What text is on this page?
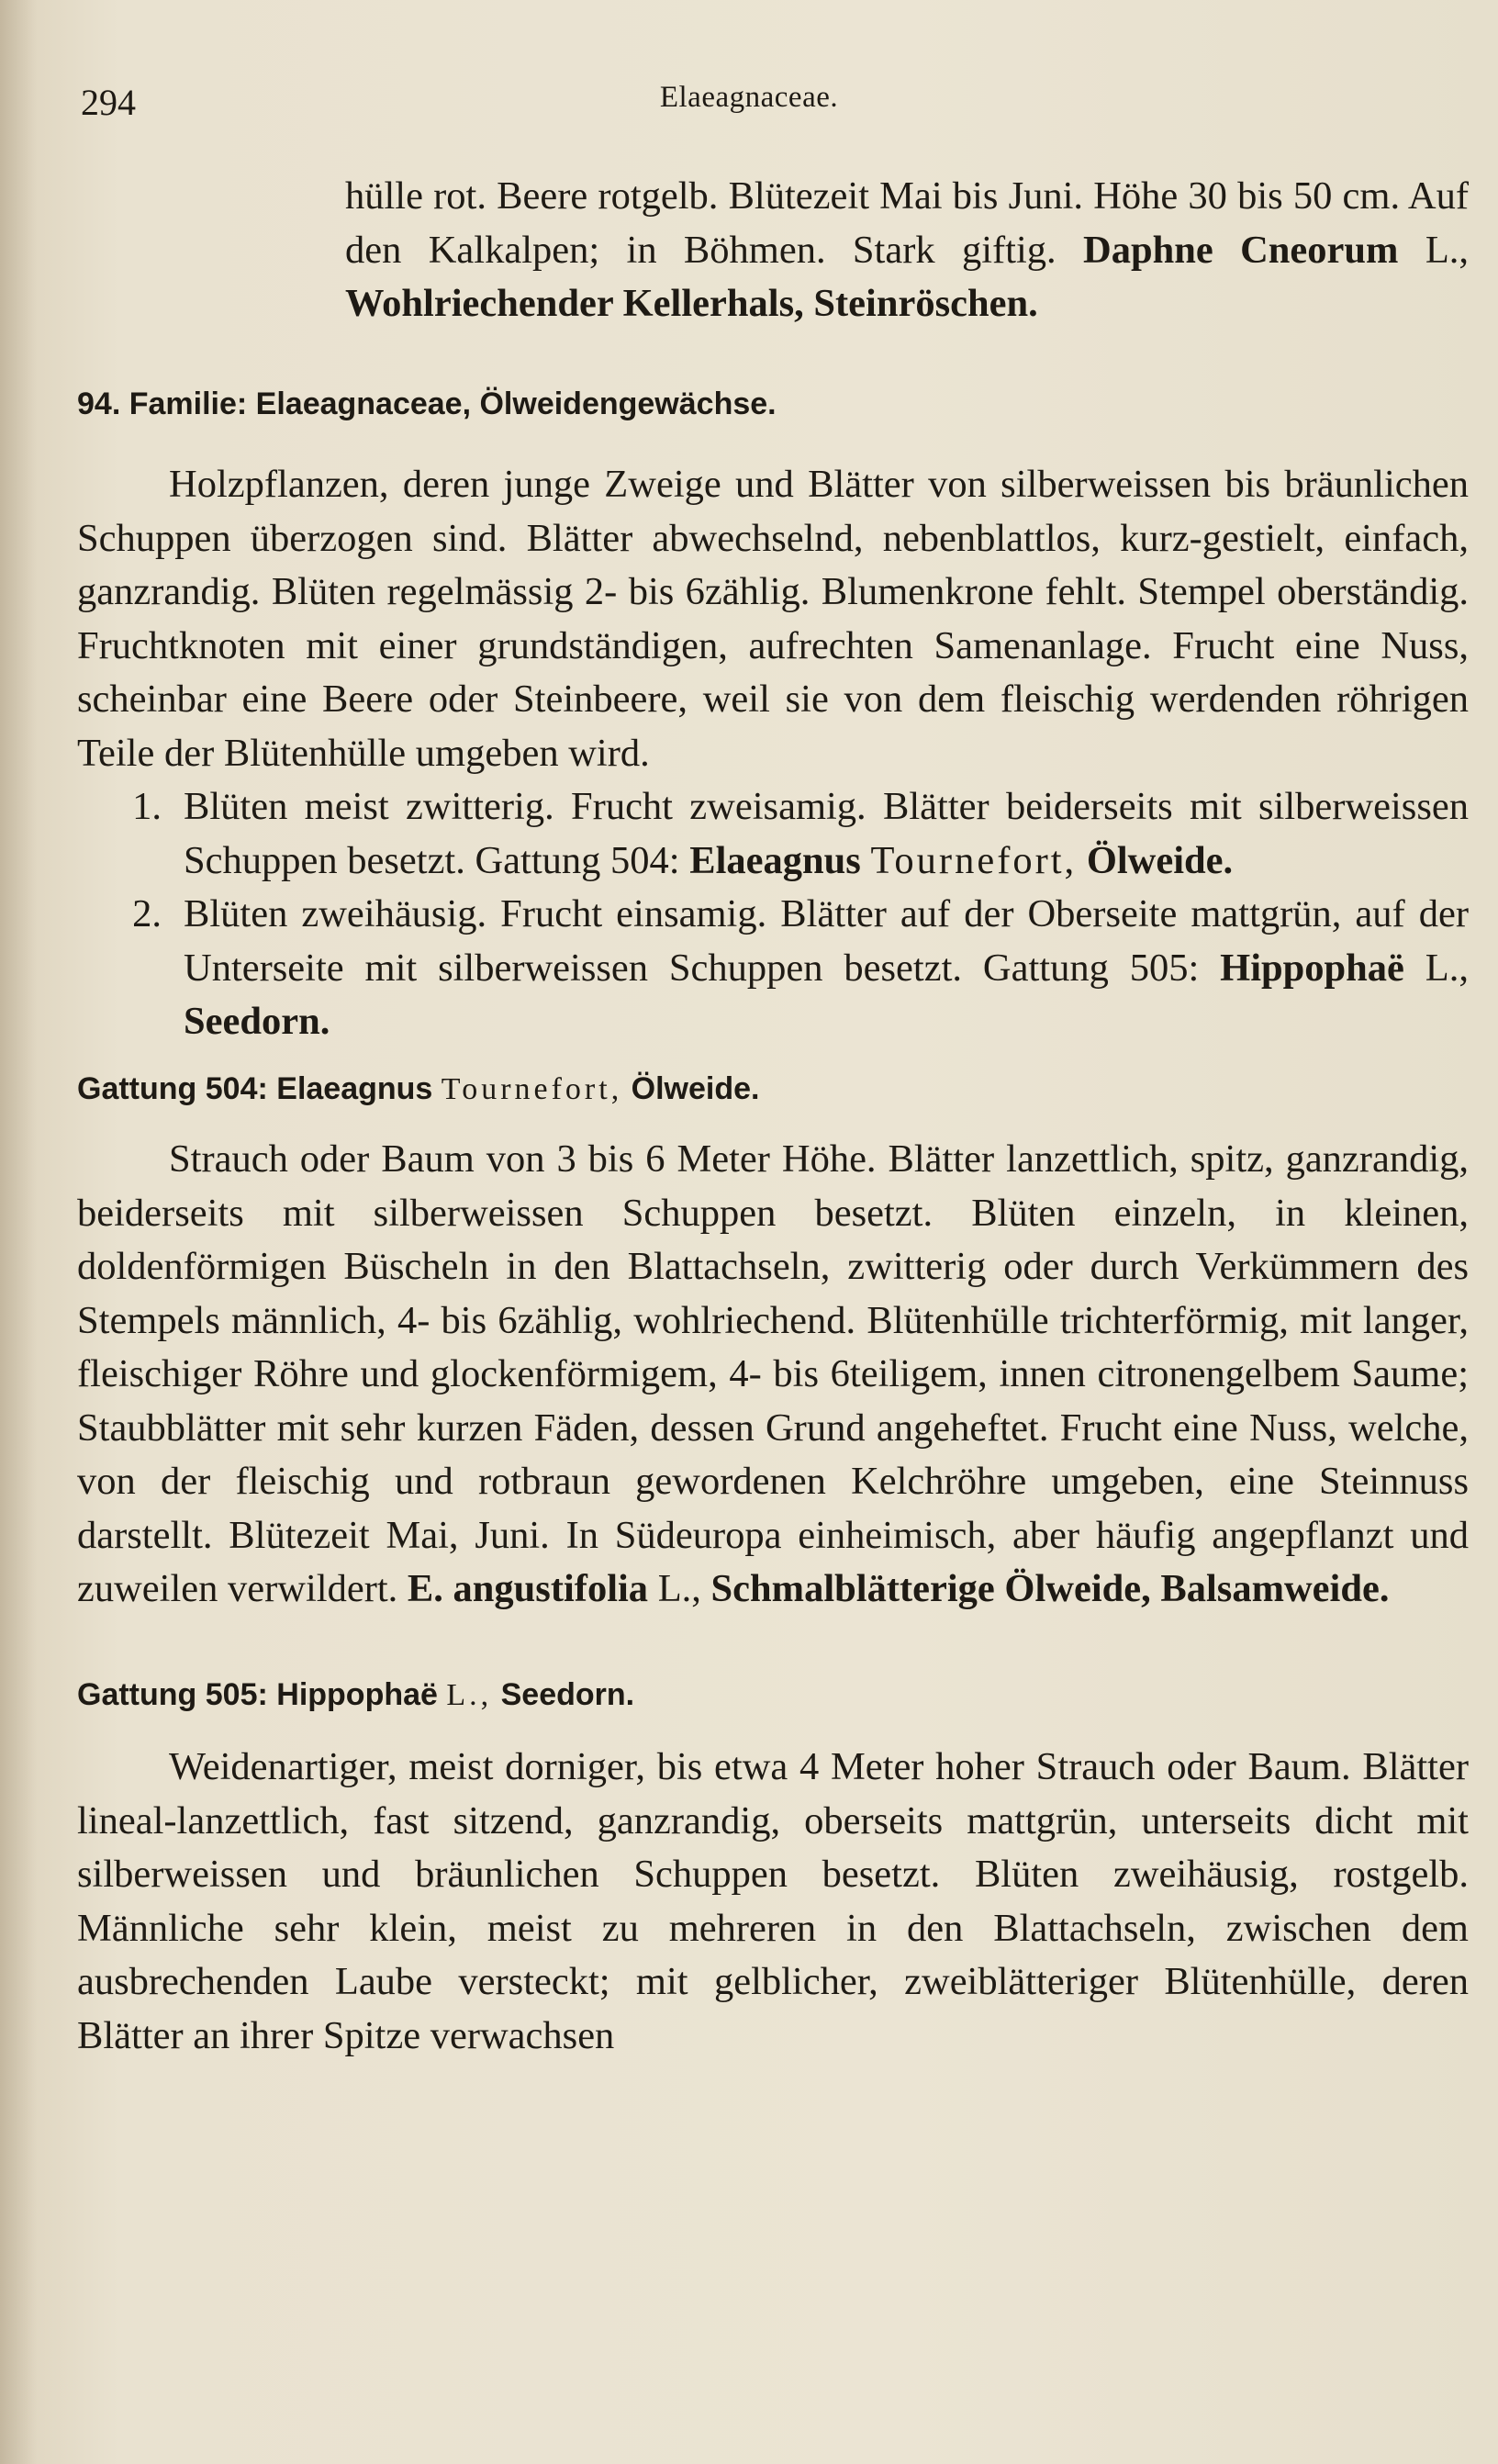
294	Elaeagnaceae.

hülle rot. Beere rotgelb. Blütezeit Mai bis Juni. Höhe 30 bis 50 cm. Auf den Kalkalpen; in Böhmen. Stark giftig. Daphne Cneorum L., Wohlriechender Kellerhals, Steinröschen.

94. Familie: Elaeagnaceae, Ölweidengewächse.

Holzpflanzen, deren junge Zweige und Blätter von silberweissen bis bräunlichen Schuppen überzogen sind. Blätter abwechselnd, nebenblattlos, kurz-gestielt, einfach, ganzrandig. Blüten regelmässig 2- bis 6zählig. Blumenkrone fehlt. Stempel oberständig. Fruchtknoten mit einer grundständigen, aufrechten Samenanlage. Frucht eine Nuss, scheinbar eine Beere oder Steinbeere, weil sie von dem fleischig werdenden röhrigen Teile der Blütenhülle umgeben wird.

1. Blüten meist zwitterig. Frucht zweisamig. Blätter beiderseits mit silberweissen Schuppen besetzt. Gattung 504: Elaeagnus Tournefort, Ölweide.

2. Blüten zweihäusig. Frucht einsamig. Blätter auf der Oberseite mattgrün, auf der Unterseite mit silberweissen Schuppen besetzt. Gattung 505: Hippophaë L., Seedorn.

Gattung 504: Elaeagnus Tournefort, Ölweide.

Strauch oder Baum von 3 bis 6 Meter Höhe. Blätter lanzettlich, spitz, ganzrandig, beiderseits mit silberweissen Schuppen besetzt. Blüten einzeln, in kleinen, doldenförmigen Büscheln in den Blattachseln, zwitterig oder durch Verkümmern des Stempels männlich, 4- bis 6zählig, wohlriechend. Blütenhülle trichterförmig, mit langer, fleischiger Röhre und glockenförmigem, 4- bis 6teiligem, innen citronengelbem Saume; Staubblätter mit sehr kurzen Fäden, dessen Grund angeheftet. Frucht eine Nuss, welche, von der fleischig und rotbraun gewordenen Kelchröhre umgeben, eine Steinnuss darstellt. Blütezeit Mai, Juni. In Südeuropa einheimisch, aber häufig angepflanzt und zuweilen verwildert. E. angustifolia L., Schmalblätterige Ölweide, Balsamweide.

Gattung 505: Hippophaë L., Seedorn.

Weidenartiger, meist dorniger, bis etwa 4 Meter hoher Strauch oder Baum. Blätter lineal-lanzettlich, fast sitzend, ganzrandig, oberseits mattgrün, unterseits dicht mit silberweissen und bräunlichen Schuppen besetzt. Blüten zweihäusig, rostgelb. Männliche sehr klein, meist zu mehreren in den Blattachseln, zwischen dem ausbrechenden Laube versteckt; mit gelblicher, zweiblätteriger Blütenhülle, deren Blätter an ihrer Spitze verwachsen
